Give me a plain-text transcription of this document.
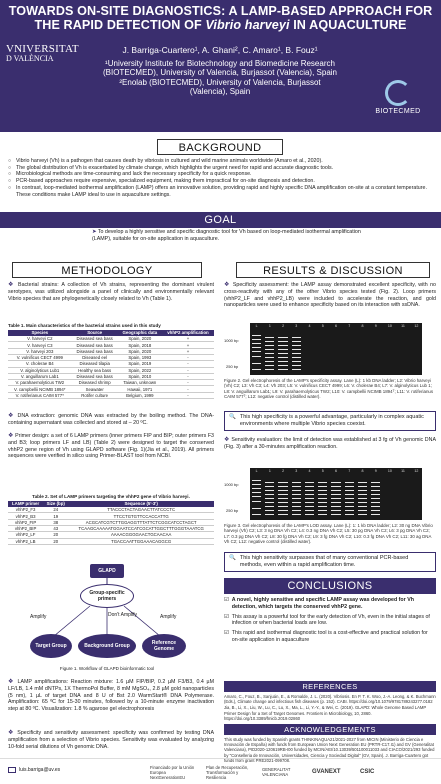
TOWARDS ON-SITE DIAGNOSTICS: A LAMP-BASED APPROACH FOR
THE RAPID DETECTION OF Vibrio harveyi IN AQUACULTURE
VNIVERSITAT
D VALÈNCIA
J. Barriga-Cuartero¹, A. Ghani², C. Amaro¹, B. Fouz¹
¹University Institute for Biotechnology and Biomedicine Research (BIOTECMED), University of Valencia, Burjassot (Valencia), Spain
²Enolab (BIOTECMED), University of Valencia, Burjassot (Valencia), Spain
BIOTECMED
BACKGROUND
○ Vibrio harveyi (Vh) is a pathogen that causes death by vibriosis in cultured and wild marine animals worldwide (Amaro et al., 2020).
○ The global distribution of Vh is exacerbated by climate change, which highlights the urgent need for rapid and accurate diagnostic tools.
○ Microbiological methods are time-consuming and lack the necessary specificity for a quick response.
○ PCR-based approaches require expensive, specialized equipment, making them impractical for on-site diagnosis and detection.
○ In contrast, loop-mediated isothermal amplification (LAMP) offers an innovative solution, providing rapid and highly specific DNA amplification on-site at a constant temperature. These conditions make LAMP ideal to use in aquaculture settings.
GOAL
➤ To develop a highly sensitive and specific diagnostic tool for Vh based on loop-mediated isothermal amplification (LAMP), suitable for on-site application in aquaculture.
METHODOLOGY
❖ Bacterial strains: A collection of Vh strains, representing the dominant virulent serotypes, was utilized alongside a panel of clinically and environmentally relevant Vibrio species that are phylogenetically closely related to Vh (Table 1).
Table 1. Main characteristics of the bacterial strains used in this study
Species	Source	Geographic data	vhhP2 amplification
V. harveyi C2	Diseased sea bass	Spain, 2020	+
V. harveyi C3	Diseased sea bass	Spain, 2018	+
V. harveyi 203	Diseased sea bass	Spain, 2020	+
V. vulnificus CECT 4999	Diseased eel	Spain, 1993	-
V. cholerae B4	Diseased tilapia	Spain, 2019	-
V. alginolyticus Lub1	Healthy sea bass	Spain, 2022	-
V. anguillarum Lab1	Diseased sea bass	Spain, 2010	-
V. parahaemolyticus TW2	Diseased shrimp	Taiwan, unknown	-
V. campbellii NCIMB 1894ᵀ	Seawater	Hawaii, 1971	-
V. rotiferianus CAIM 577ᵀ	Rotifer culture	Belgium, 1999	-
❖ DNA extraction: genomic DNA was extracted by the boiling method. The DNA-containing supernatant was collected and stored at – 20 ºC.
❖ Primer design: a set of 6 LAMP primers (inner primers FIP and BIP; outer primers F3 and B3; loop primers LF and LB) (Table 2) were designed to target the conserved vhhP2 gene region of Vh using GLAPD software (Fig. 1)(Jia et al., 2019). All primers sequences were verified in silico using Primer-BLAST tool from NCBI.
Table 2. Set of LAMP primers targeting the vhhP2 gene of Vibrio harveyi.
LAMP primer	Size (bp)	Sequence (5'-3')
vhhP2_F3	24	TTACCCTACTAGAACTTATCCCTC
vhhP2_B3	19	TTCCTGTGTTCCACCATTG
vhhP2_FIP	38	ACGCATCGTCTTGGAGGTTTATTCTCGGCATCCTAGCT
vhhP2_BIP	43	TCAAGCAAAAATGGAATCCATCGCATTGGCTTTGGGTAAATCG
vhhP2_LF	20	AAAACGGGGAACTGCAACAA
vhhP2_LB	20	TGACCAATTGGAAACAGGCG
GLAPD
Group-specific primers
Target Group	Background Group	Reference Genome
Amplify	Don't Amplify	Amplify
Figure 1. Workflow of GLAPD bioinformatic tool
❖ LAMP amplifications: Reaction mixture: 1.6 µM FIP/BIP, 0.2 µM F3/B3, 0.4 µM LF/LB, 1.4 mM dNTPs, 1X ThermoPol Buffer, 8 mM MgSO₄, 2.8 µM gold nanoparticles (5 nm), 1 µL of target DNA and 8 U of Bst 2.0 WarmStart® DNA Polymerase. Amplification: 65 ºC for 15-30 minutes, followed by a 10-minute enzyme inactivation step at 80 ºC. Visualization: 1.8 % agarose gel electrophoresis
❖ Specificity and sensitivity assessment: specificity was confirmed by testing DNA amplification from a selection of Vibrio species. Sensitivity was evaluated by analyzing 10-fold serial dilutions of Vh genomic DNA.
RESULTS & DISCUSSION
❖ Specificity assessment: the LAMP assay demonstrated excellent specificity, with no cross-reactivity with any of the other Vibrio species tested (Fig. 2). Loop primers (vhhP2_LF and vhhP2_LB) were included to accelerate the reaction, and gold nanoparticles were used to enhance specificity based on its interaction with ssDNA.
L	1	2	3	4	5	6	7	8	9	10	11	12
1000 bp
250 bp
Figure 2. Gel electrophoresis of the LAMP's specificity assay. Lane (L): 1 kb DNA ladder; L2: Vibrio harveyi (Vh) C2; L3: Vh C3; L4: Vh 203; L5: V. vulnificus CECT 4999; L6: V. cholerae B4; L7: V. alginolyticus Lub 1; L8: V. anguillarum Lab1; L9: V. parahaemolyticus TW2; L10: V. campbellii NCIMB 1894ᵀ; L11: V. rotiferianus CAIM 577ᵀ; L12: negative control (distilled water).
🔍 This high specificity is a powerful advantage, particularly in complex aquatic environments where multiple Vibrio species coexist.
❖ Sensitivity evaluation: the limit of detection was established at 3 fg of Vh genomic DNA (Fig. 3) after a 30-minutes amplification reaction.
L	1	2	3	4	5	6	7	8	9	10	11	12
1000 bp
250 bp
Figure 3. Gel electrophoresis of the LAMP's LOD assay. Lane (L): 1: 1 kb DNA ladder; L2: 30 ng DNA Vibrio harveyi (Vh) C2; L3: 3 ng DNA Vh C2; L4: 0.3 ng DNA Vh C2; L5: 30 pg DNA Vh C2; L6: 3 pg DNA Vh C2; L7: 0.3 pg DNA Vh C2; L8: 30 fg DNA Vh C2; L9: 3 fg DNA Vh C2; L10: 0.3 fg DNA Vh C2; L11: 30 ag DNA Vh C2; L12: negative control (distilled water).
🔍 This high sensitivity surpasses that of many conventional PCR-based methods, even within a rapid amplification time.
CONCLUSIONS
☑ A novel, highly sensitive and specific LAMP assay was developed for Vh detection, which targets the conserved vhhP2 gene.
☑ This assay is a powerful tool for the early detection of Vh, even in the initial stages of infection or when bacterial loads are low.
☑ This rapid and isothermal diagnostic tool is a cost-effective and practical solution for on-site application in aquaculture
REFERENCES
Amaro, C., Fouz, B., Sanjuán, E., & Romalde, J. L. (2020). Vibriosis. En P. T. K. Woo, J.-A. Leong, & K. Buchmann (Eds.), Climate change and infectious fish diseases (p. 152). CABI. https://doi.org/10.1079/9781789243277.0182
Jia, B., Li, X., Liu, W., Lu, C., Lu, X., Ma, L., Li, Y.-Y., & Wei, C. (2019). GLAPD: Whole Genome Based LAMP Primer Design for a Set of Target Genomes. Frontiers in Microbiology, 10, 2860. https://doi.org/10.3389/fmicb.2019.02860
ACKNOWLEDGEMENTS
This study was funded by Spanish grants THINKINAQUA21/2021-2027 from MICIN (Ministerio de Ciencia e Innovación de España) with funds from European Union Next Generation EU (PRTR-C17.I1) and GV (Generalitat Valenciana), PID2020-120619RB-I00 funded by MCIN/AEI/10.13039/501100011033 and CIACO/2021/293 funded by "Conselleria de Innovación, Universidades, Ciencia y Sociedad Digital" (GV, Spain). J. Barriga-Cuartero got funds from grant PRE2021-099708.
luis.barriga@uv.es	Financiado por la Unión Europea NextGenerationEU
Plan de Recuperación, Transformación y Resiliencia
GENERALITAT VALENCIANA	GVANEXT	CSIC
